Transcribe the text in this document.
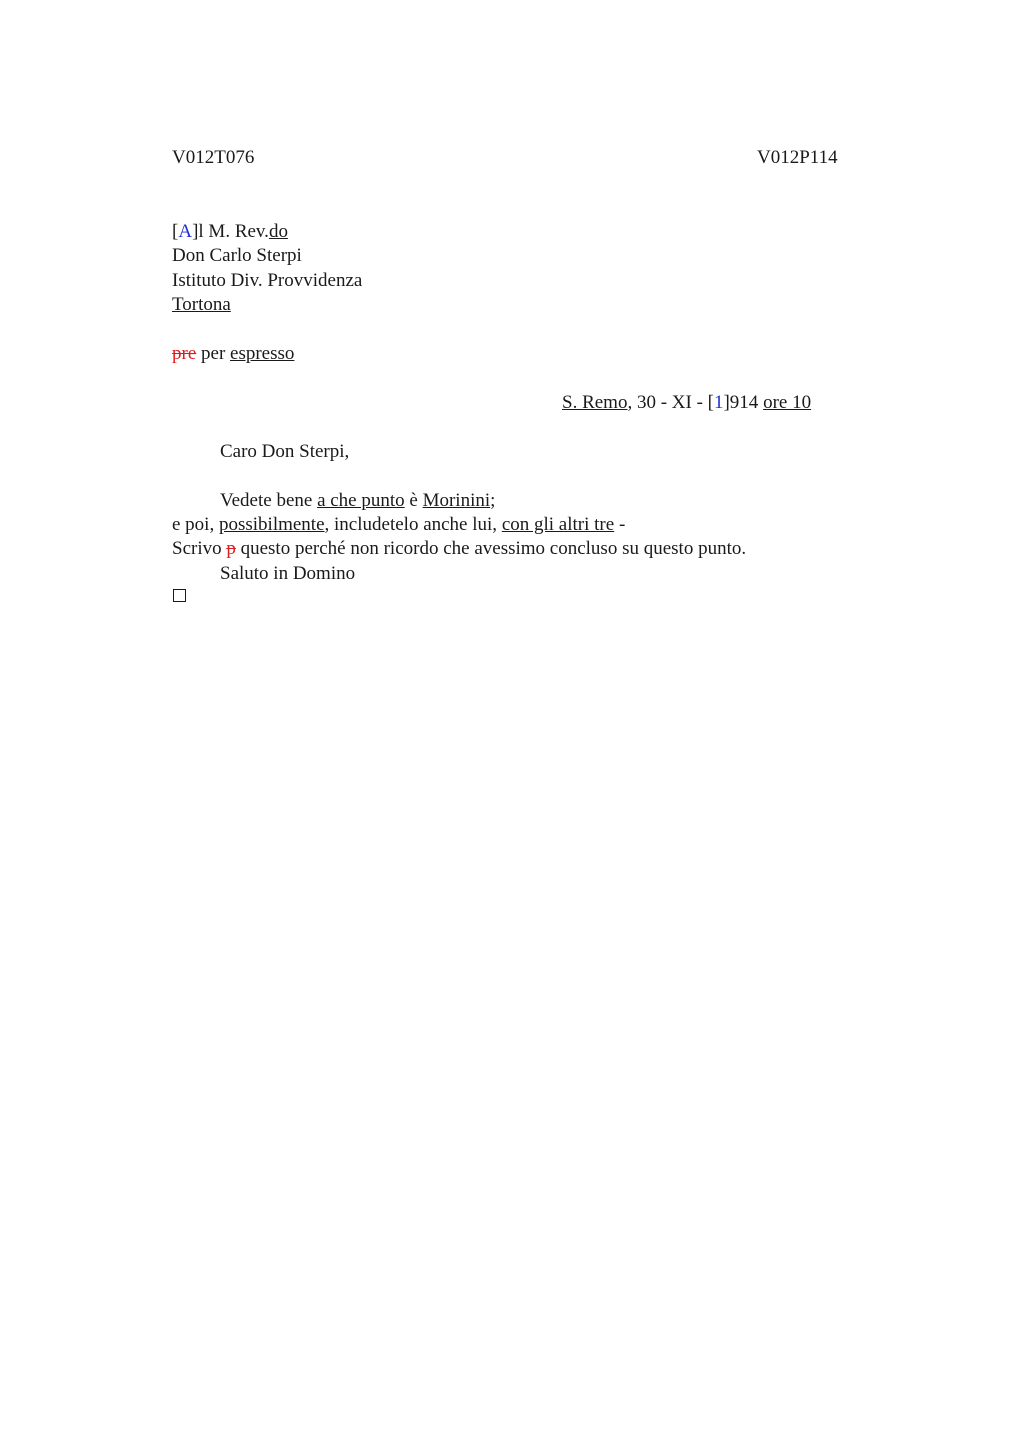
V012T076	V012P114
[A]l M. Rev.do
Don Carlo Sterpi
Istituto Div. Provvidenza
Tortona
pre per espresso
S. Remo, 30 - XI - [1]914 ore 10
Caro Don Sterpi,
Vedete bene a che punto è Morinini;
e poi, possibilmente, includetelo anche lui, con gli altri tre -
Scrivo p questo perché non ricordo che avessimo concluso su questo punto.
Saluto in Domino
